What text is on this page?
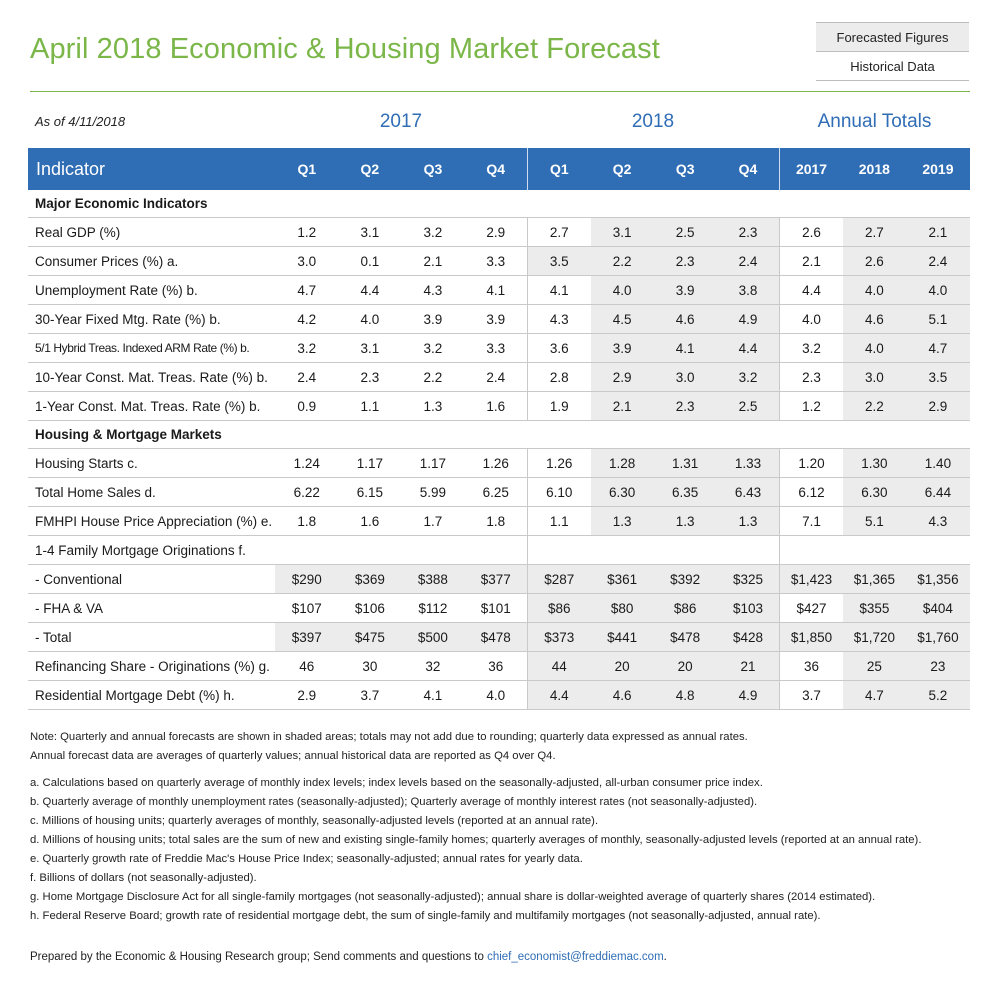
April 2018 Economic & Housing Market Forecast	Forecasted Figures
Historical Data
As of 4/11/2018	2017	2018	Annual Totals
Indicator	Q1	Q2	Q3	Q4	Q1	Q2	Q3	Q4	2017	2018	2019
Major Economic Indicators											
Real GDP (%)	1.2	3.1	3.2	2.9	2.7	3.1	2.5	2.3	2.6	2.7	2.1
Consumer Prices (%) a.	3.0	0.1	2.1	3.3	3.5	2.2	2.3	2.4	2.1	2.6	2.4
Unemployment Rate (%) b.	4.7	4.4	4.3	4.1	4.1	4.0	3.9	3.8	4.4	4.0	4.0
30-Year Fixed Mtg. Rate (%) b.	4.2	4.0	3.9	3.9	4.3	4.5	4.6	4.9	4.0	4.6	5.1
5/1 Hybrid Treas. Indexed ARM Rate (%) b.	3.2	3.1	3.2	3.3	3.6	3.9	4.1	4.4	3.2	4.0	4.7
10-Year Const. Mat. Treas. Rate (%) b.	2.4	2.3	2.2	2.4	2.8	2.9	3.0	3.2	2.3	3.0	3.5
1-Year Const. Mat. Treas. Rate (%) b.	0.9	1.1	1.3	1.6	1.9	2.1	2.3	2.5	1.2	2.2	2.9
Housing & Mortgage Markets											
Housing Starts c.	1.24	1.17	1.17	1.26	1.26	1.28	1.31	1.33	1.20	1.30	1.40
Total Home Sales d.	6.22	6.15	5.99	6.25	6.10	6.30	6.35	6.43	6.12	6.30	6.44
FMHPI House Price Appreciation (%) e.	1.8	1.6	1.7	1.8	1.1	1.3	1.3	1.3	7.1	5.1	4.3
1-4 Family Mortgage Originations f.											
- Conventional	$290	$369	$388	$377	$287	$361	$392	$325	$1,423	$1,365	$1,356
- FHA & VA	$107	$106	$112	$101	$86	$80	$86	$103	$427	$355	$404
- Total	$397	$475	$500	$478	$373	$441	$478	$428	$1,850	$1,720	$1,760
Refinancing Share - Originations (%) g.	46	30	32	36	44	20	20	21	36	25	23
Residential Mortgage Debt (%) h.	2.9	3.7	4.1	4.0	4.4	4.6	4.8	4.9	3.7	4.7	5.2

Note: Quarterly and annual forecasts are shown in shaded areas; totals may not add due to rounding; quarterly data expressed as annual rates.

Annual forecast data are averages of quarterly values; annual historical data are reported as Q4 over Q4.

a. Calculations based on quarterly average of monthly index levels; index levels based on the seasonally-adjusted, all-urban consumer price index.

b. Quarterly average of monthly unemployment rates (seasonally-adjusted); Quarterly average of monthly interest rates (not seasonally-adjusted).

c. Millions of housing units; quarterly averages of monthly, seasonally-adjusted levels (reported at an annual rate).

d. Millions of housing units; total sales are the sum of new and existing single-family homes; quarterly averages of monthly, seasonally-adjusted levels (reported at an annual rate).

e. Quarterly growth rate of Freddie Mac's House Price Index; seasonally-adjusted; annual rates for yearly data.

f. Billions of dollars (not seasonally-adjusted).

g. Home Mortgage Disclosure Act for all single-family mortgages (not seasonally-adjusted); annual share is dollar-weighted average of quarterly shares (2014 estimated).

h. Federal Reserve Board; growth rate of residential mortgage debt, the sum of single-family and multifamily mortgages (not seasonally-adjusted, annual rate).

Prepared by the Economic & Housing Research group; Send comments and questions to chief_economist@freddiemac.com.
